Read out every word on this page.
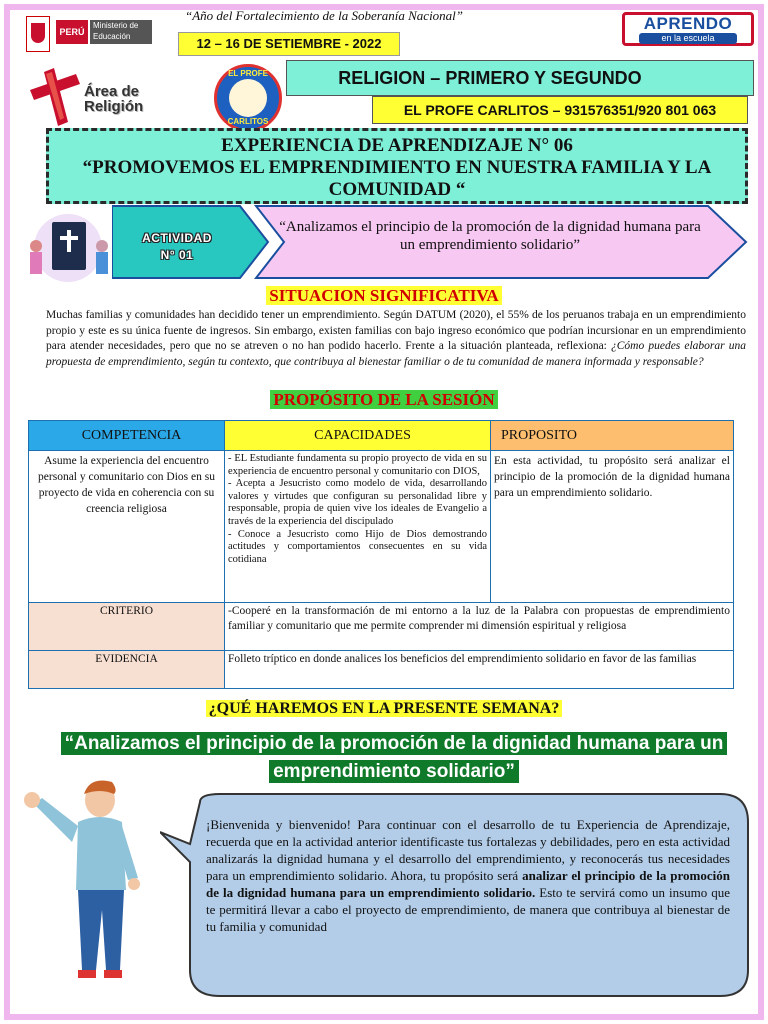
“Año del Fortalecimiento de la Soberanía Nacional”
PERÚ
Ministerio de Educación	12 – 16 DE SETIEMBRE - 2022
APRENDO
en la escuela
Área de Religión
EL PROFE
CARLITOS
RELIGION – PRIMERO Y SEGUNDO
EL PROFE CARLITOS – 931576351/920 801 063
EXPERIENCIA DE APRENDIZAJE N° 06
“PROMOVEMOS EL EMPRENDIMIENTO EN NUESTRA FAMILIA Y LA COMUNIDAD “
ACTIVIDAD
N° 01
“Analizamos el principio de la promoción de la dignidad humana para un emprendimiento solidario”
SITUACION SIGNIFICATIVA
Muchas familias y comunidades han decidido tener un emprendimiento. Según DATUM (2020), el 55% de los peruanos trabaja en un emprendimiento propio y este es su única fuente de ingresos. Sin embargo, existen familias con bajo ingreso económico que podrían incursionar en un emprendimiento para atender necesidades, pero que no se atreven o no han podido hacerlo. Frente a la situación planteada, reflexiona: ¿Cómo puedes elaborar una propuesta de emprendimiento, según tu contexto, que contribuya al bienestar familiar o de tu comunidad de manera informada y responsable?
PROPÓSITO DE LA SESIÓN
COMPETENCIA	CAPACIDADES	PROPOSITO
Asume la experiencia del encuentro personal y comunitario con Dios en su proyecto de vida en coherencia con su creencia religiosa	- EL Estudiante fundamenta su propio proyecto de vida en su experiencia de encuentro personal y comunitario con DIOS,
- Acepta a Jesucristo como modelo de vida, desarrollando valores y virtudes que configuran su personalidad libre y responsable, propia de quien vive los ideales de Evangelio a través de la experiencia del discipulado
- Conoce a Jesucristo como Hijo de Dios demostrando actitudes y comportamientos consecuentes en su vida cotidiana	En esta actividad, tu propósito será analizar el principio de la promoción de la dignidad humana para un emprendimiento solidario.
CRITERIO	-Cooperé en la transformación de mi entorno a la luz de la Palabra con propuestas de emprendimiento familiar y comunitario que me permite comprender mi dimensión espiritual y religiosa	
EVIDENCIA	Folleto tríptico en donde analices los beneficios del emprendimiento solidario en favor de las familias	
¿QUÉ HAREMOS EN LA PRESENTE SEMANA?
“Analizamos el principio de la promoción de la dignidad humana para un emprendimiento solidario”
¡Bienvenida y bienvenido! Para continuar con el desarrollo de tu Experiencia de Aprendizaje, recuerda que en la actividad anterior identificaste tus fortalezas y debilidades, pero en esta actividad analizarás la dignidad humana y el desarrollo del emprendimiento, y reconocerás tus necesidades para un emprendimiento solidario. Ahora, tu propósito será analizar el principio de la promoción de la dignidad humana para un emprendimiento solidario. Esto te servirá como un insumo que te permitirá llevar a cabo el proyecto de emprendimiento, de manera que contribuya al bienestar de tu familia y comunidad
